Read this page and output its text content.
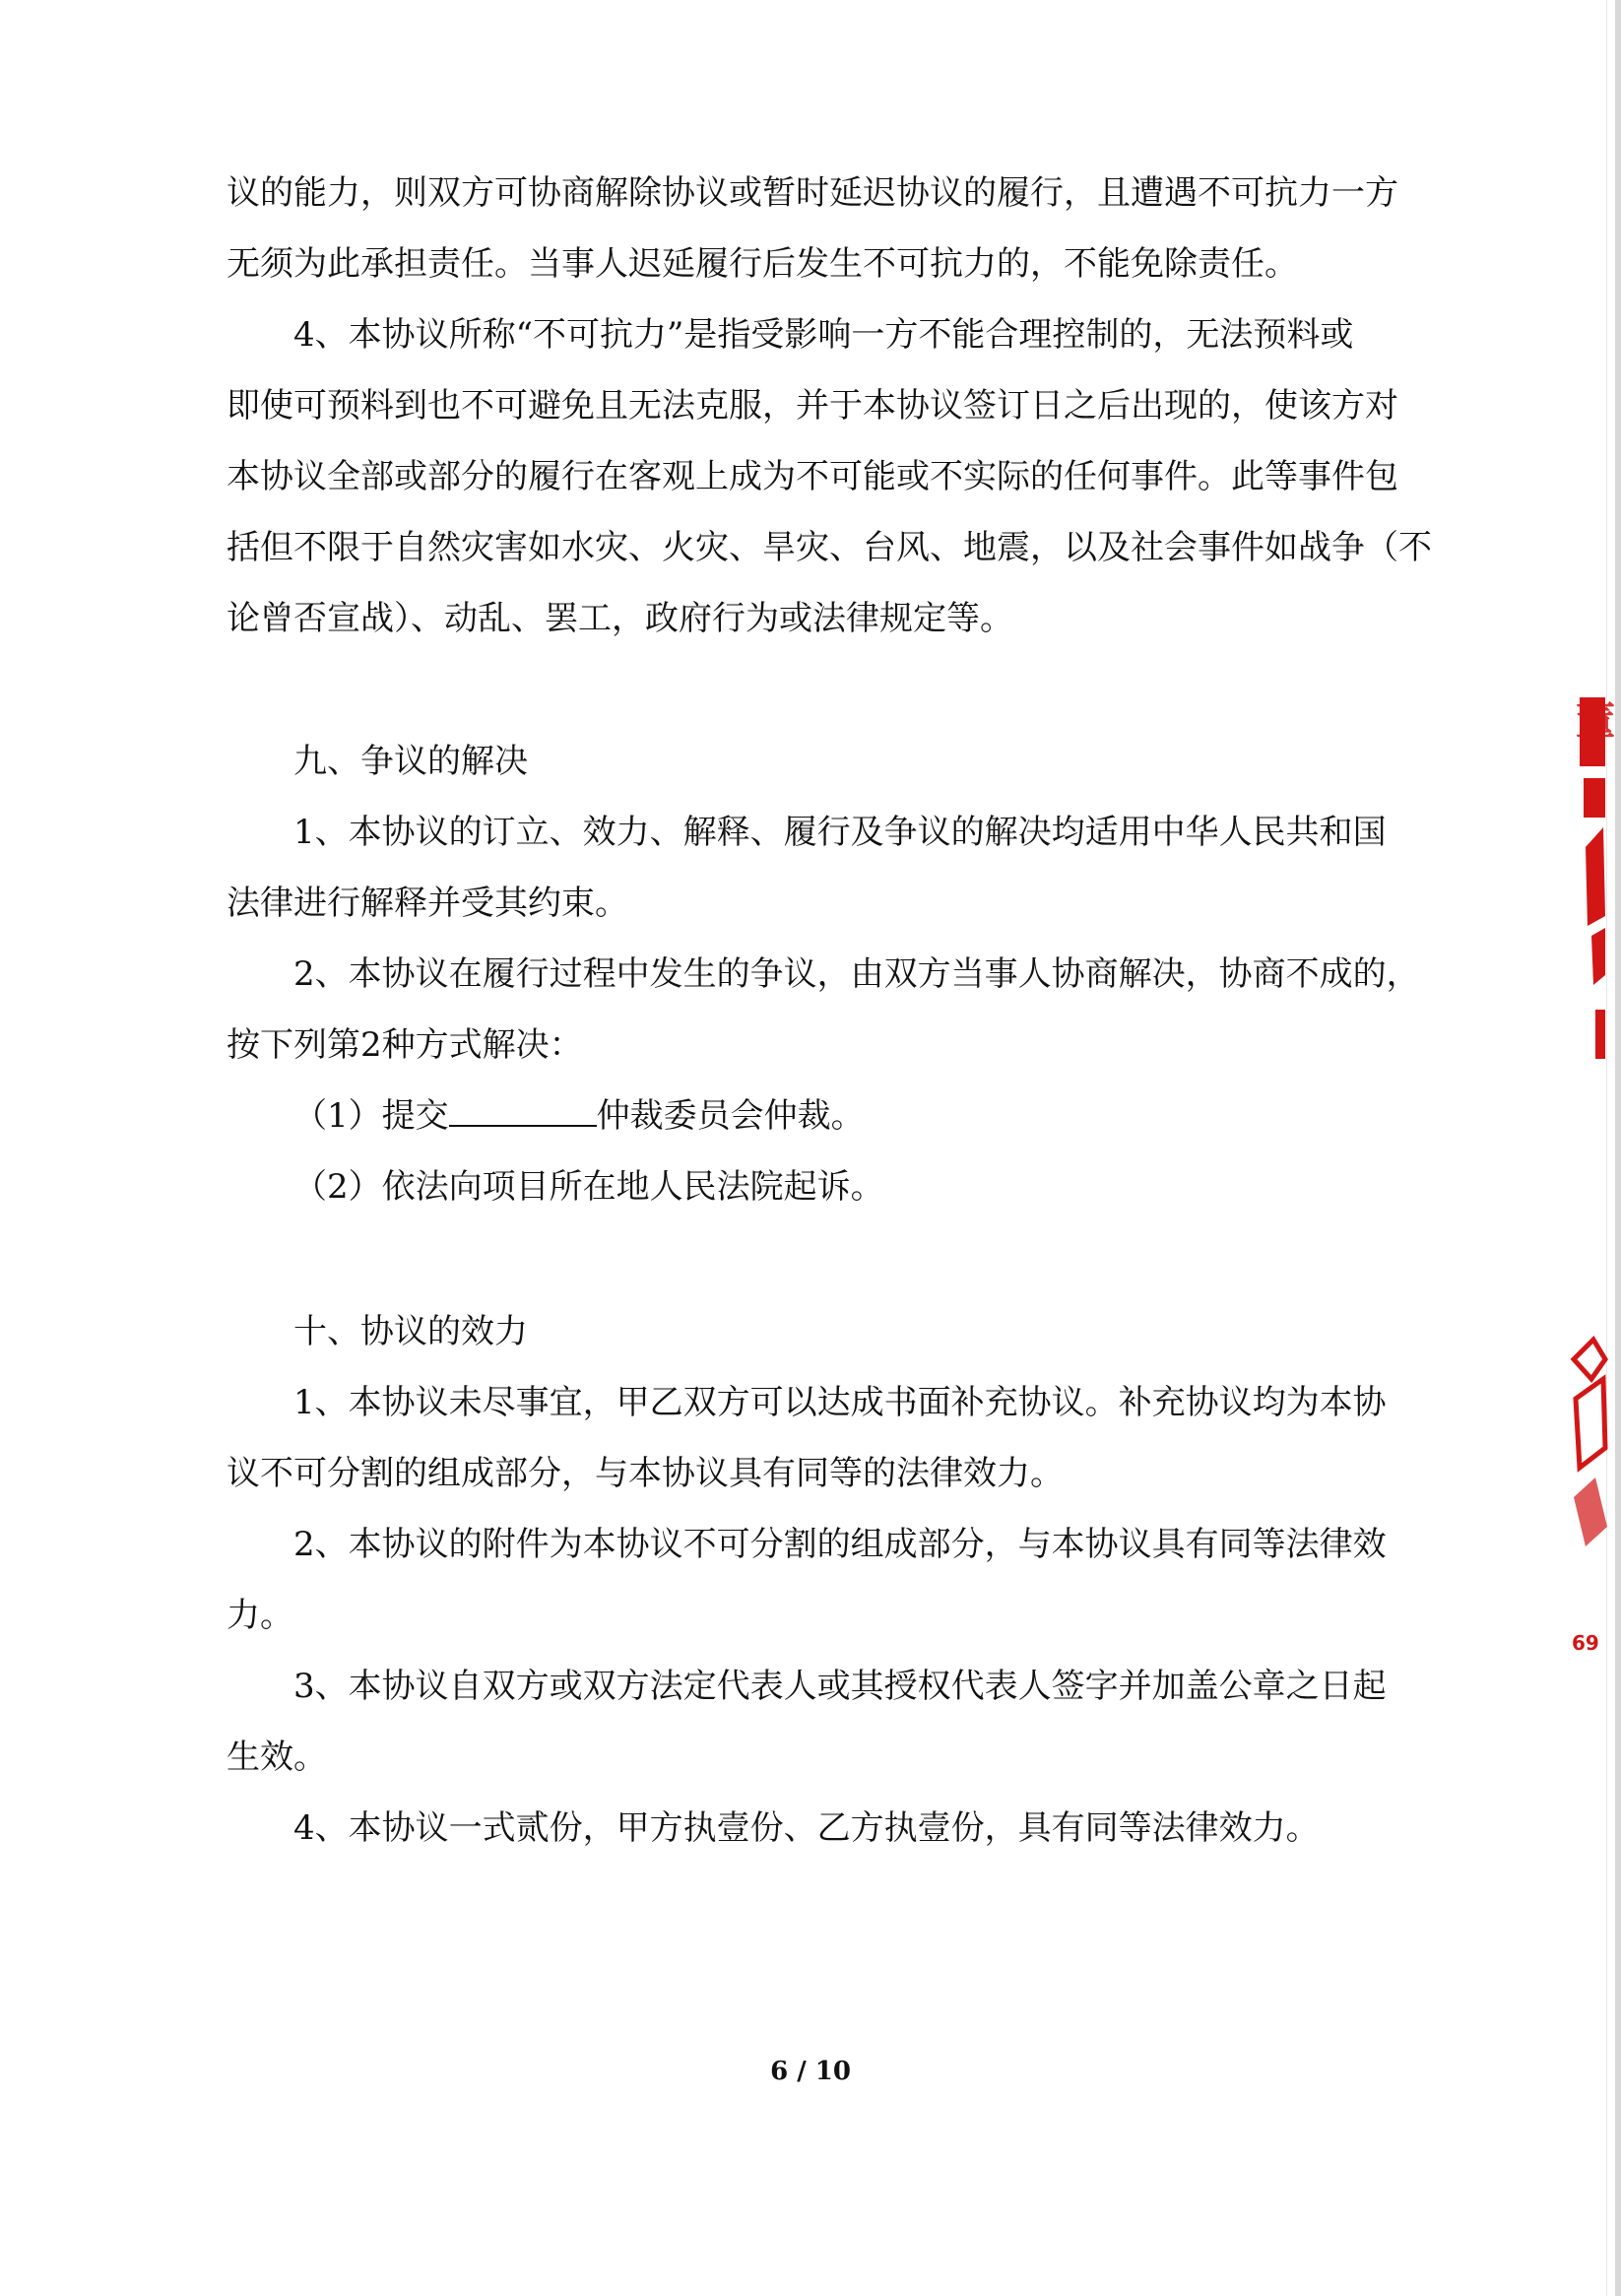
议的能力，则双方可协商解除协议或暂时延迟协议的履行，且遭遇不可抗力一方
无须为此承担责任。当事人迟延履行后发生不可抗力的，不能免除责任。
4、本协议所称“不可抗力”是指受影响一方不能合理控制的，无法预料或
即使可预料到也不可避免且无法克服，并于本协议签订日之后出现的，使该方对
本协议全部或部分的履行在客观上成为不可能或不实际的任何事件。此等事件包
括但不限于自然灾害如水灾、火灾、旱灾、台风、地震，以及社会事件如战争（不
论曾否宣战）、动乱、罢工，政府行为或法律规定等。
九、争议的解决
1、本协议的订立、效力、解释、履行及争议的解决均适用中华人民共和国
法律进行解释并受其约束。
2、本协议在履行过程中发生的争议，由双方当事人协商解决，协商不成的，
按下列第2种方式解决：
（1）提交	仲裁委员会仲裁。
（2）依法向项目所在地人民法院起诉。
十、协议的效力
1、本协议未尽事宜，甲乙双方可以达成书面补充协议。补充协议均为本协
议不可分割的组成部分，与本协议具有同等的法律效力。
2、本协议的附件为本协议不可分割的组成部分，与本协议具有同等法律效
力。
3、本协议自双方或双方法定代表人或其授权代表人签字并加盖公章之日起
生效。
4、本协议一式贰份，甲方执壹份、乙方执壹份，具有同等法律效力。
6 / 10
董
69
